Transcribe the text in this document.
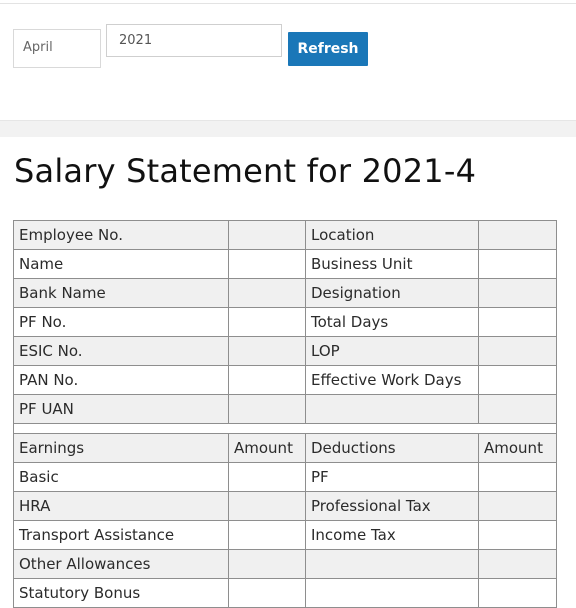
April	2021
Refresh
Salary Statement for 2021-4
Employee No.		Location	
Name		Business Unit	
Bank Name		Designation	
PF No.		Total Days	
ESIC No.		LOP	
PAN No.		Effective Work Days	
PF UAN			

Earnings	Amount	Deductions	Amount
Basic		PF	
HRA		Professional Tax	
Transport Assistance		Income Tax	
Other Allowances			
Statutory Bonus			
